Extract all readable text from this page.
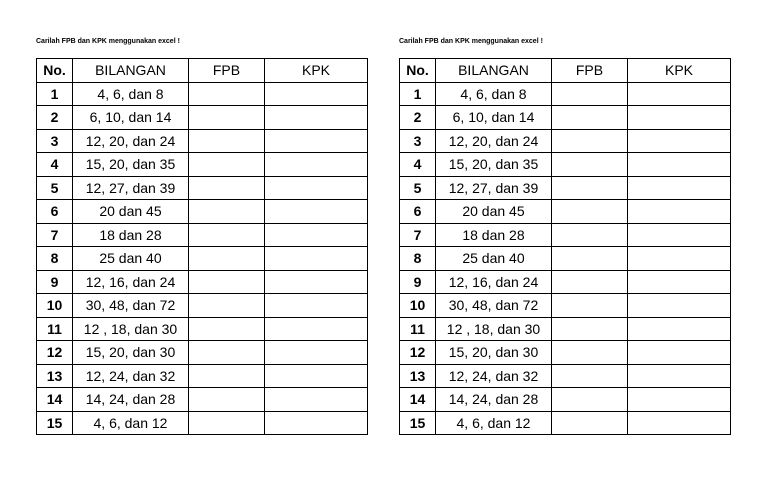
Carilah FPB dan KPK menggunakan excel !
No.	BILANGAN	FPB	KPK
1	4, 6, dan 8		
2	6, 10, dan 14		
3	12, 20, dan 24		
4	15, 20, dan 35		
5	12, 27, dan 39		
6	20 dan 45		
7	18 dan 28		
8	25 dan 40		
9	12, 16, dan 24		
10	30, 48, dan 72		
11	12 , 18, dan 30		
12	15, 20, dan 30		
13	12, 24, dan 32		
14	14, 24, dan 28		
15	4, 6, dan 12		
Carilah FPB dan KPK menggunakan excel !
No.	BILANGAN	FPB	KPK
1	4, 6, dan 8		
2	6, 10, dan 14		
3	12, 20, dan 24		
4	15, 20, dan 35		
5	12, 27, dan 39		
6	20 dan 45		
7	18 dan 28		
8	25 dan 40		
9	12, 16, dan 24		
10	30, 48, dan 72		
11	12 , 18, dan 30		
12	15, 20, dan 30		
13	12, 24, dan 32		
14	14, 24, dan 28		
15	4, 6, dan 12		
